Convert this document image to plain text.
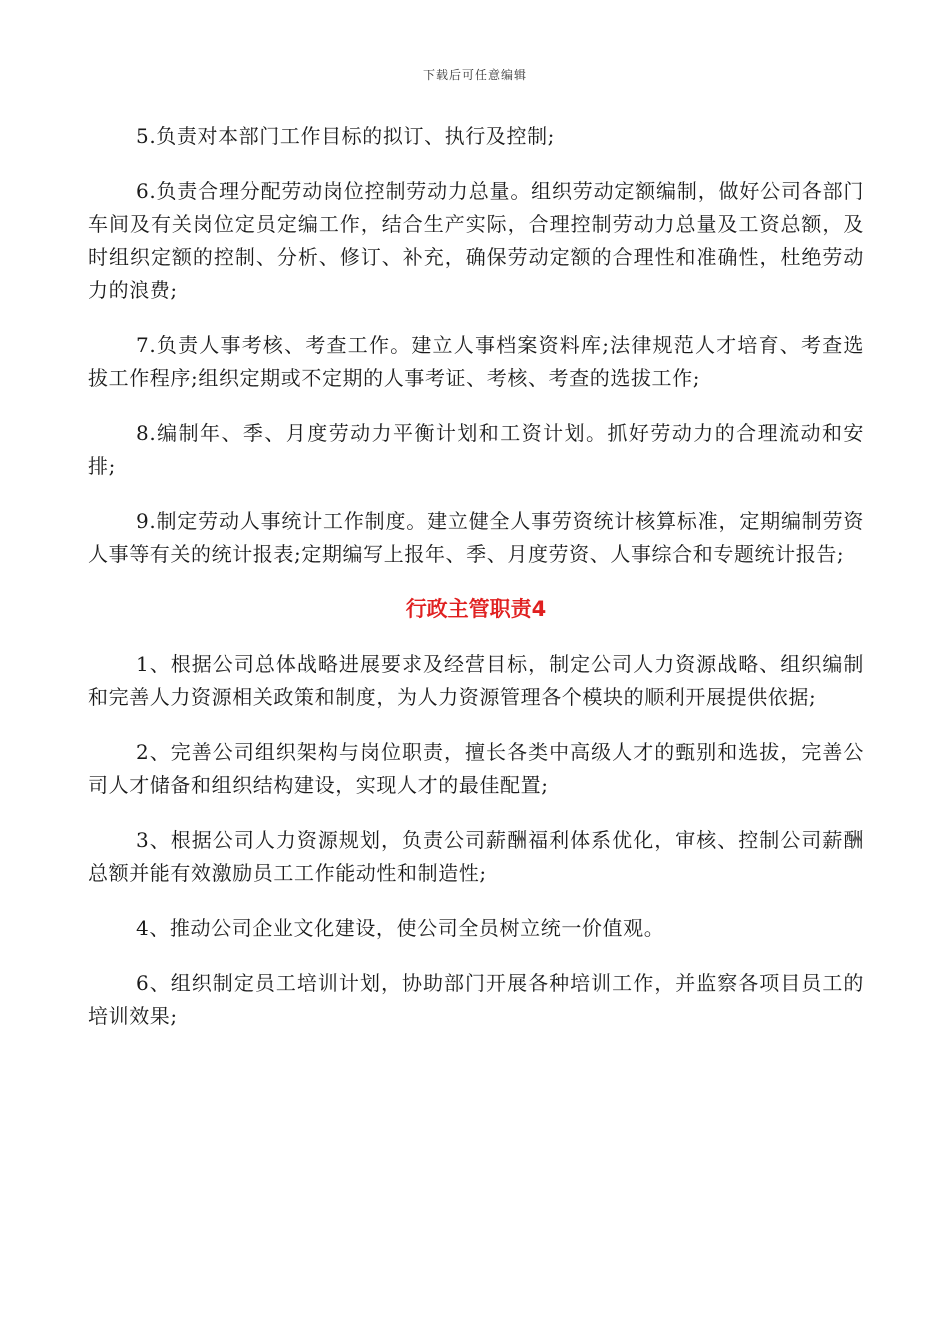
下载后可任意编辑

5.负责对本部门工作目标的拟订、执行及控制;

6.负责合理分配劳动岗位控制劳动力总量。组织劳动定额编制，做好公司各部门车间及有关岗位定员定编工作，结合生产实际，合理控制劳动力总量及工资总额，及时组织定额的控制、分析、修订、补充，确保劳动定额的合理性和准确性，杜绝劳动力的浪费;

7.负责人事考核、考查工作。建立人事档案资料库;法律规范人才培育、考查选拔工作程序;组织定期或不定期的人事考证、考核、考查的选拔工作;

8.编制年、季、月度劳动力平衡计划和工资计划。抓好劳动力的合理流动和安排;

9.制定劳动人事统计工作制度。建立健全人事劳资统计核算标准，定期编制劳资人事等有关的统计报表;定期编写上报年、季、月度劳资、人事综合和专题统计报告;

行政主管职责4

1、根据公司总体战略进展要求及经营目标，制定公司人力资源战略、组织编制和完善人力资源相关政策和制度，为人力资源管理各个模块的顺利开展提供依据;

2、完善公司组织架构与岗位职责，擅长各类中高级人才的甄别和选拔，完善公司人才储备和组织结构建设，实现人才的最佳配置;

3、根据公司人力资源规划，负责公司薪酬福利体系优化，审核、控制公司薪酬总额并能有效激励员工工作能动性和制造性;

4、推动公司企业文化建设，使公司全员树立统一价值观。

6、组织制定员工培训计划，协助部门开展各种培训工作，并监察各项目员工的培训效果;
